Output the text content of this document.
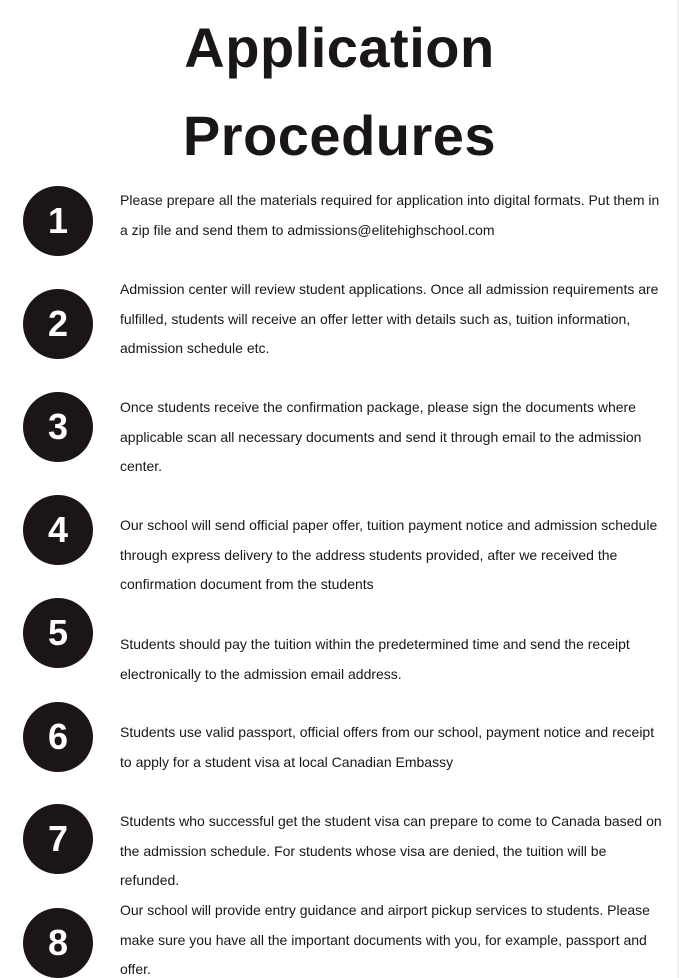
Application
Procedures
1	Please prepare all the materials required for application into digital formats. Put them in a zip file and send them to admissions@elitehighschool.com

2

Admission center will review student applications. Once all admission requirements are fulfilled, students will receive an offer letter with details such as, tuition information, admission schedule etc.

3	Once students receive the confirmation package, please sign the documents where applicable scan all necessary documents and send it through email to the admission center.

4	Our school will send official paper offer, tuition payment notice and admission schedule through express delivery to the address students provided, after we received the confirmation document from the students

5	Students should pay the tuition within the predetermined time and send the receipt electronically to the admission email address.

6	Students use valid passport, official offers from our school, payment notice and receipt to apply for a student visa at local Canadian Embassy

7	Students who successful get the student visa can prepare to come to Canada based on the admission schedule. For students whose visa are denied, the tuition will be refunded.

8

Our school will provide entry guidance and airport pickup services to students. Please make sure you have all the important documents with you, for example, passport and offer.
